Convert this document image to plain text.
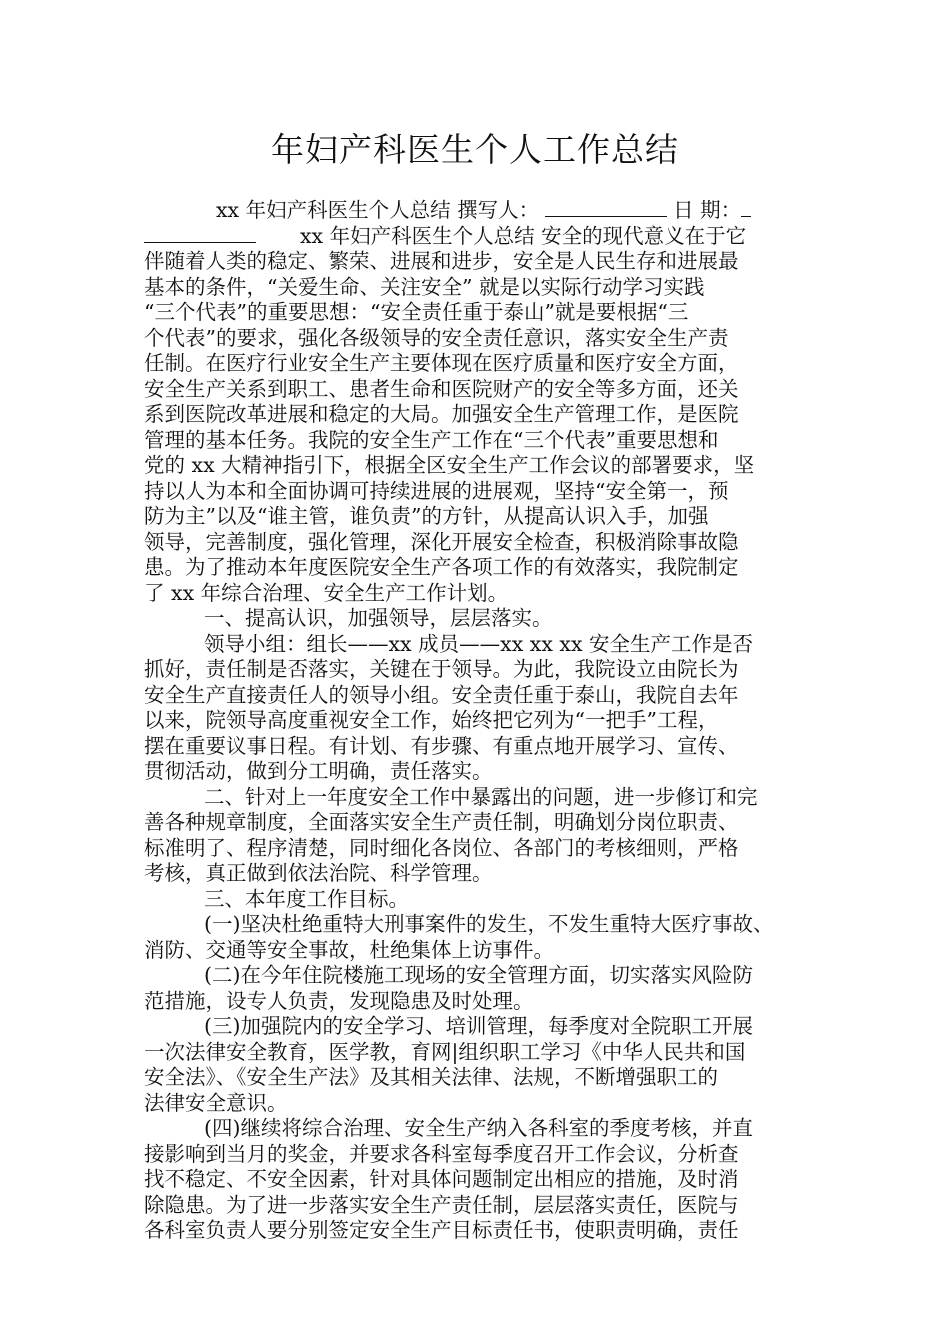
年妇产科医生个人工作总结
xx 年妇产科医生个人总结 撰写人：	日 期：
xx 年妇产科医生个人总结 安全的现代意义在于它
伴随着人类的稳定、繁荣、进展和进步，安全是人民生存和进展最
基本的条件，“关爱生命、关注安全” 就是以实际行动学习实践
“三个代表”的重要思想：“安全责任重于泰山”就是要根据“三
个代表”的要求，强化各级领导的安全责任意识，落实安全生产责
任制。在医疗行业安全生产主要体现在医疗质量和医疗安全方面，
安全生产关系到职工、患者生命和医院财产的安全等多方面，还关
系到医院改革进展和稳定的大局。加强安全生产管理工作，是医院
管理的基本任务。我院的安全生产工作在“三个代表”重要思想和
党的 xx 大精神指引下，根据全区安全生产工作会议的部署要求，坚
持以人为本和全面协调可持续进展的进展观，坚持“安全第一，预
防为主”以及“谁主管，谁负责”的方针，从提高认识入手，加强
领导，完善制度，强化管理，深化开展安全检查，积极消除事故隐
患。为了推动本年度医院安全生产各项工作的有效落实，我院制定
了 xx 年综合治理、安全生产工作计划。
一、提高认识，加强领导，层层落实。
领导小组：组长——xx 成员——xx xx xx 安全生产工作是否
抓好，责任制是否落实，关键在于领导。为此，我院设立由院长为
安全生产直接责任人的领导小组。安全责任重于泰山，我院自去年
以来，院领导高度重视安全工作，始终把它列为“一把手”工程，
摆在重要议事日程。有计划、有步骤、有重点地开展学习、宣传、
贯彻活动，做到分工明确，责任落实。
二、针对上一年度安全工作中暴露出的问题，进一步修订和完
善各种规章制度，全面落实安全生产责任制，明确划分岗位职责、
标准明了、程序清楚，同时细化各岗位、各部门的考核细则，严格
考核，真正做到依法治院、科学管理。
三、本年度工作目标。
(一)坚决杜绝重特大刑事案件的发生，不发生重特大医疗事故、
消防、交通等安全事故，杜绝集体上访事件。
(二)在今年住院楼施工现场的安全管理方面，切实落实风险防
范措施，设专人负责，发现隐患及时处理。
(三)加强院内的安全学习、培训管理，每季度对全院职工开展
一次法律安全教育，医学教，育网|组织职工学习《中华人民共和国
安全法》、《安全生产法》及其相关法律、法规，不断增强职工的
法律安全意识。
(四)继续将综合治理、安全生产纳入各科室的季度考核，并直
接影响到当月的奖金，并要求各科室每季度召开工作会议，分析查
找不稳定、不安全因素，针对具体问题制定出相应的措施，及时消
除隐患。为了进一步落实安全生产责任制，层层落实责任，医院与
各科室负责人要分别签定安全生产目标责任书，使职责明确，责任
